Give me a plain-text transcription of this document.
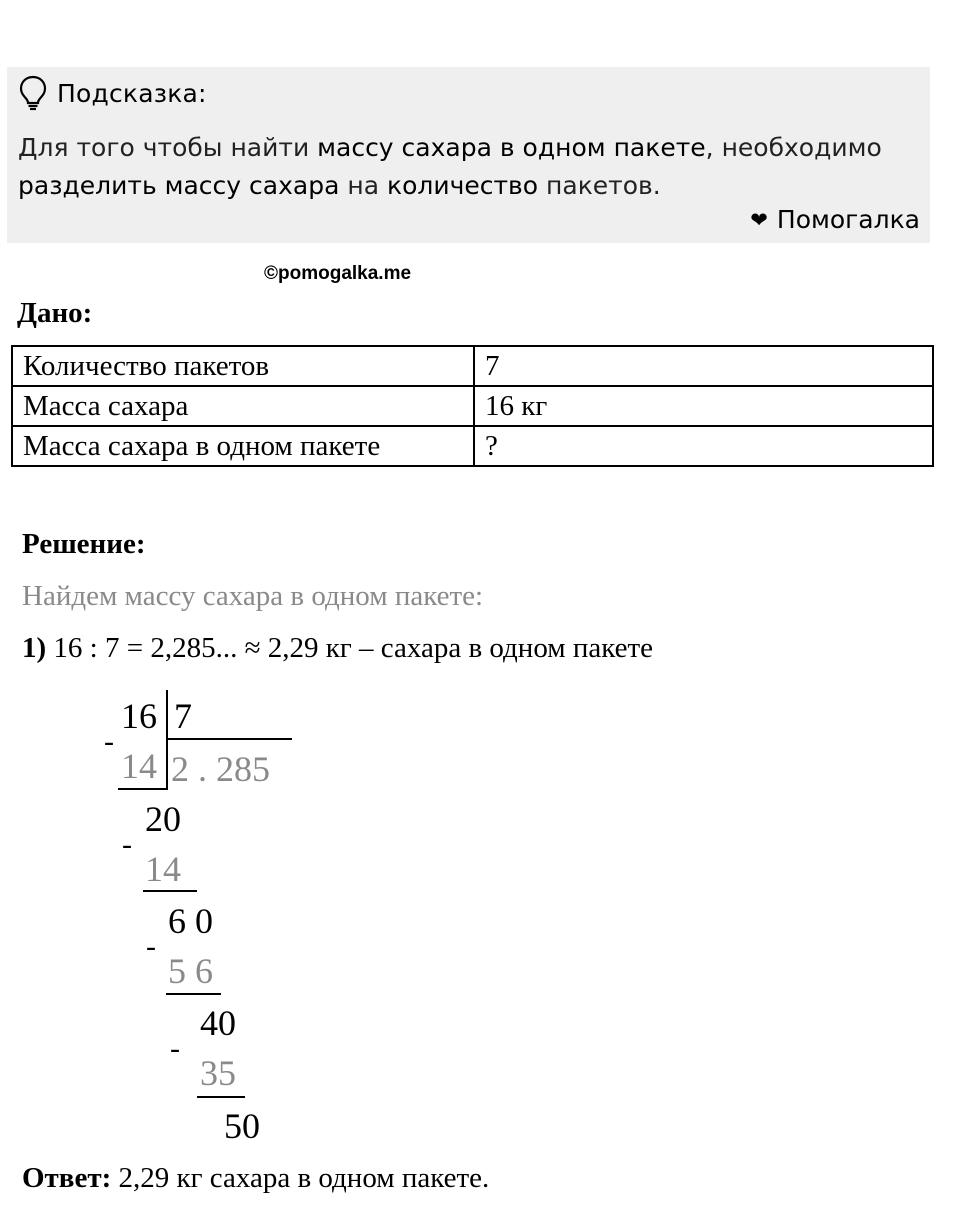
Подсказка:
Для того чтобы найти массу сахара в одном пакете, необходимо разделить массу сахара на количество пакетов.
❤ Помогалка
©pomogalka.me
Дано:
Количество пакетов	7
Масса сахара	16 кг
Масса сахара в одном пакете	?
Решение:
Найдем массу сахара в одном пакете:
1) 16 : 7 = 2,285... ≈ 2,29 кг – сахара в одном пакете
16 7
2 . 285
-
14
20
-
14
6 0
-
5 6
40
-
35
50
Ответ: 2,29 кг сахара в одном пакете.
